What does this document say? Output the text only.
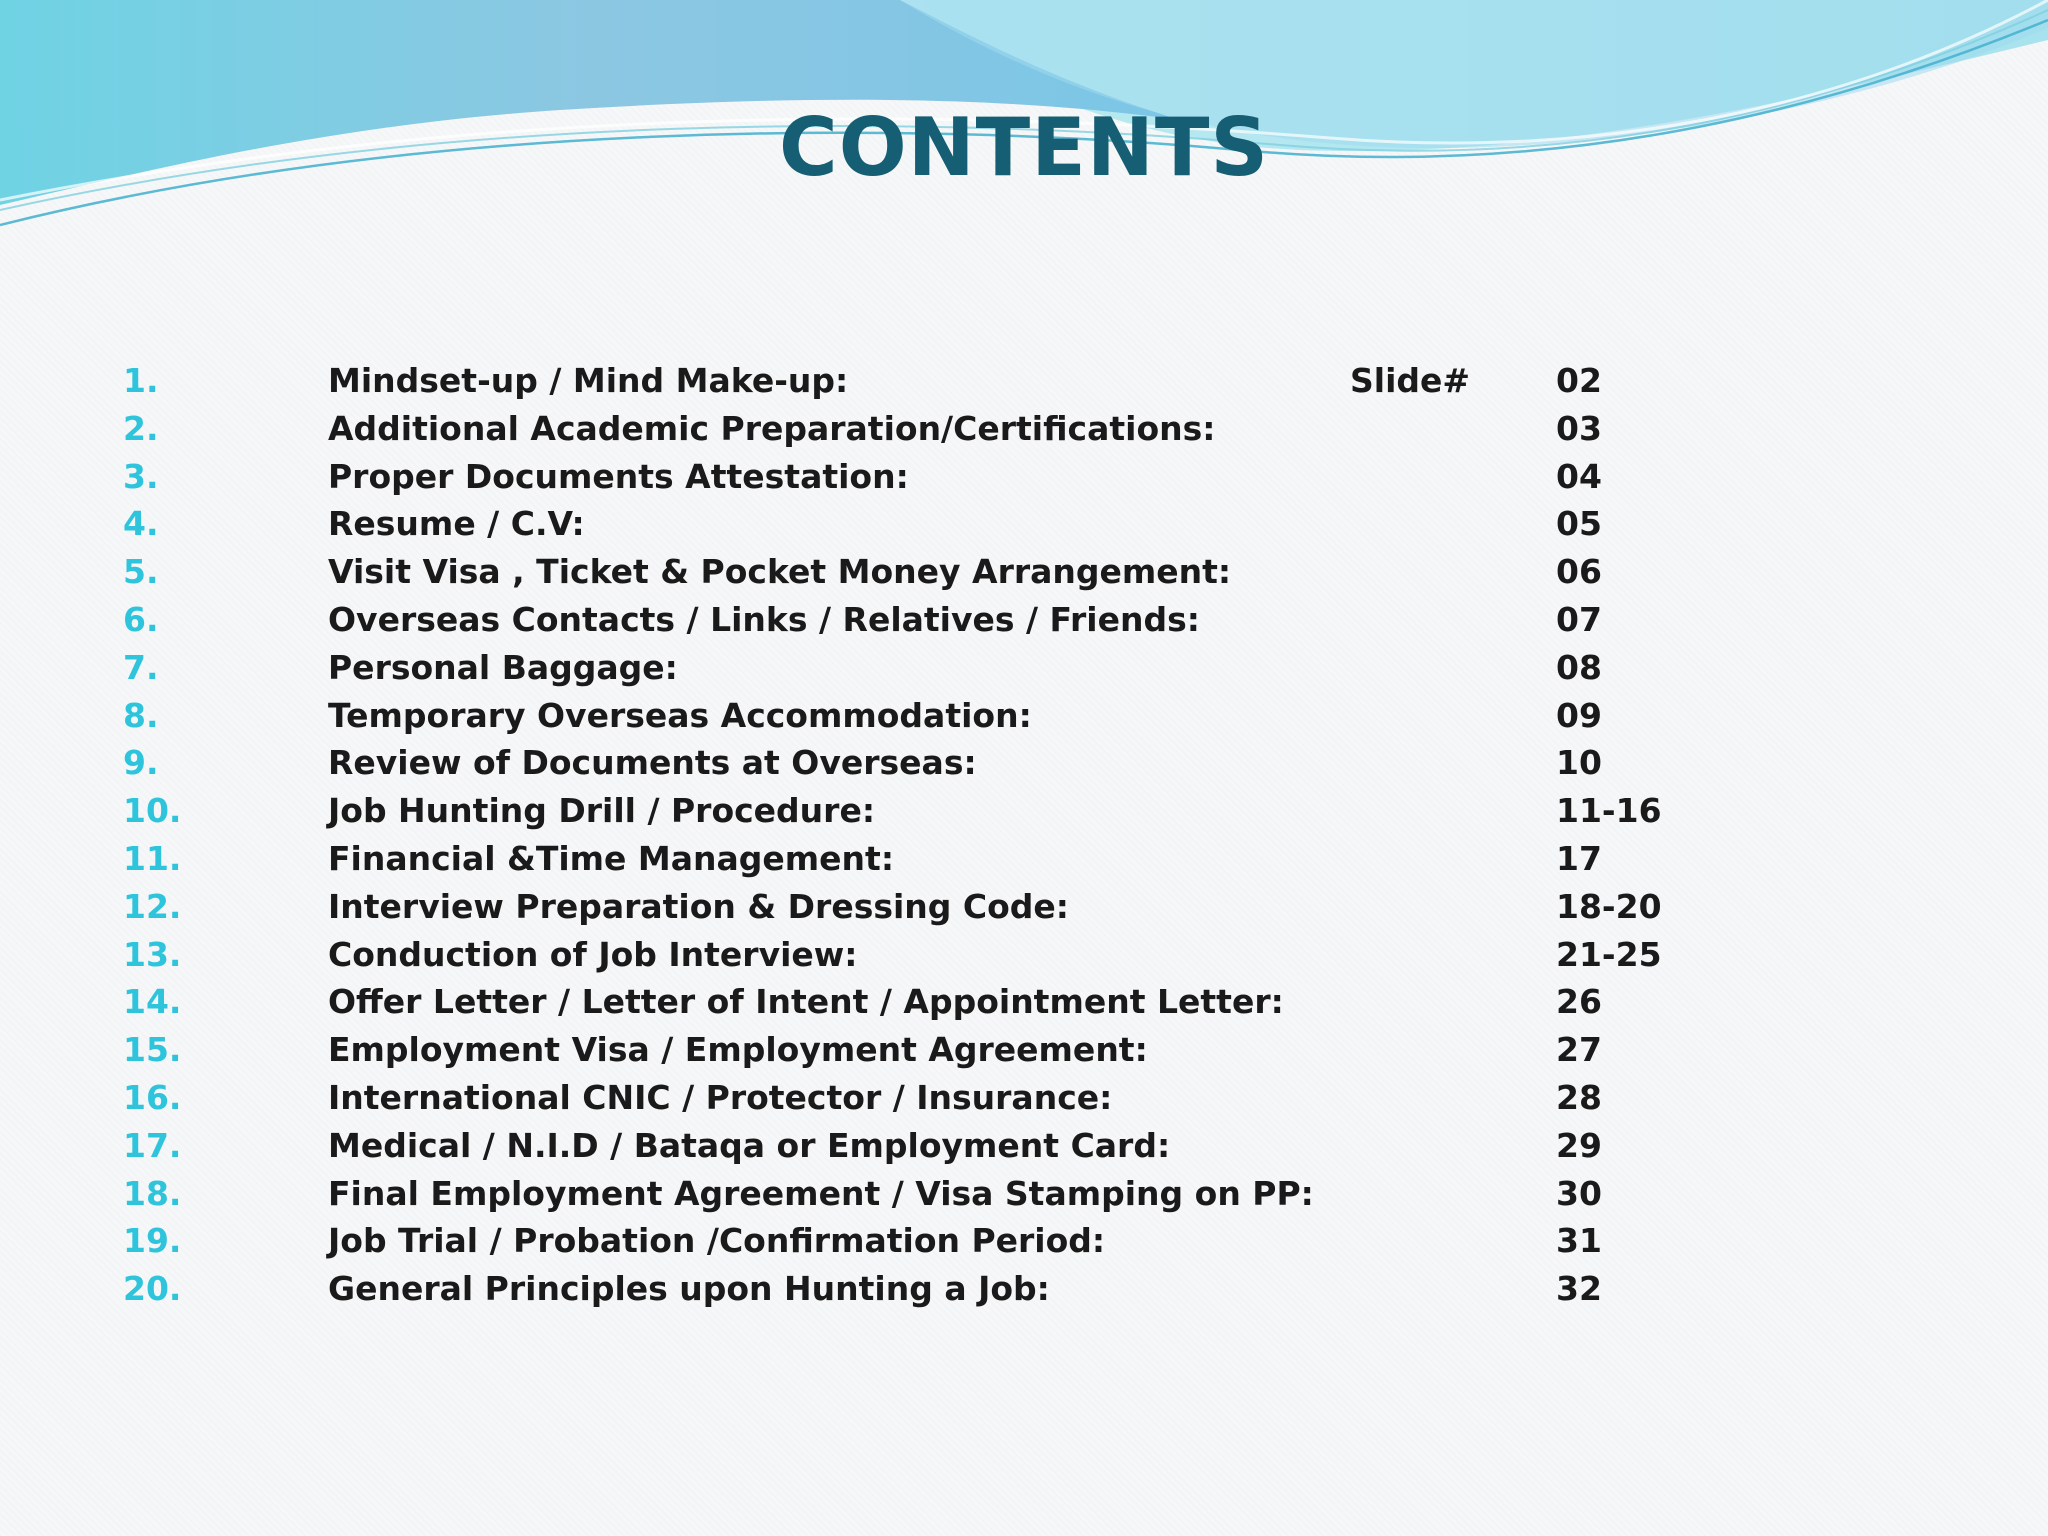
CONTENTS
1.	Mindset-up / Mind Make-up:	Slide#	02
2.	Additional Academic Preparation/Certifications:	03
3.	Proper Documents Attestation:	04
4.	Resume / C.V:	05
5.	Visit Visa , Ticket & Pocket Money Arrangement:	06
6.	Overseas Contacts / Links / Relatives / Friends:	07
7.	Personal Baggage:	08
8.	Temporary Overseas Accommodation:	09
9.	Review of Documents at Overseas:	10
10.	Job Hunting Drill / Procedure:	11-16
11.	Financial &Time Management:	17
12.	Interview Preparation & Dressing Code:	18-20
13.	Conduction of Job Interview:	21-25
14.	Offer Letter / Letter of Intent / Appointment Letter:	26
15.	Employment Visa / Employment Agreement:	27
16.	International CNIC / Protector / Insurance:	28
17.	Medical / N.I.D / Bataqa or Employment Card:	29
18.	Final Employment Agreement / Visa Stamping on PP:	30
19.	Job Trial / Probation /Confirmation Period:	31
20.	General Principles upon Hunting a Job:	32
